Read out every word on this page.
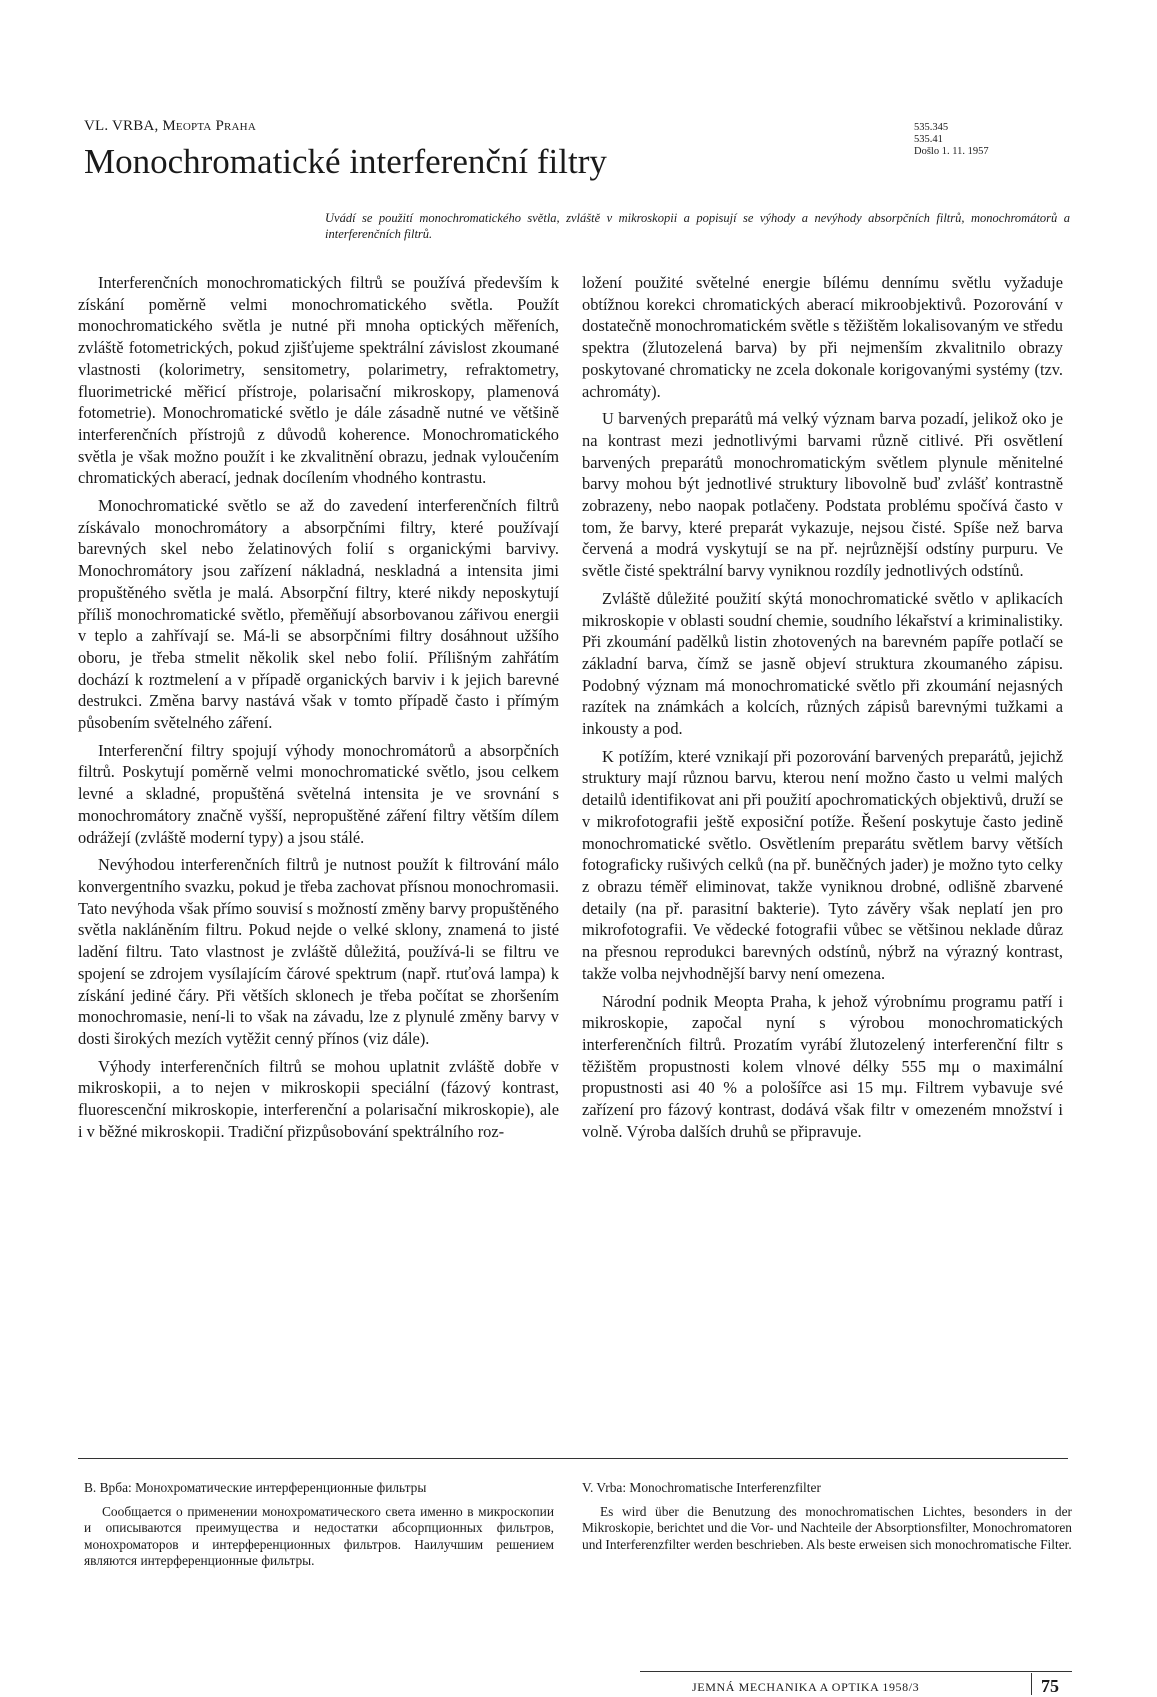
VL. VRBA, Meopta Praha
Monochromatické interferenční filtry
535.345
535.41
Došlo 1. 11. 1957
Uvádí se použití monochromatického světla, zvláště v mikroskopii a popisují se výhody a nevýhody absorpčních filtrů, monochromátorů a interferenčních filtrů.

Interferenčních monochromatických filtrů se používá především k získání poměrně velmi monochromatického světla. Použít monochromatického světla je nutné při mnoha optických měřeních, zvláště fotometrických, pokud zjišťujeme spektrální závislost zkoumané vlastnosti (kolorimetry, sensitometry, polarimetry, refraktometry, fluorimetrické měřicí přístroje, polarisační mikroskopy, plamenová fotometrie). Monochromatické světlo je dále zásadně nutné ve většině interferenčních přístrojů z důvodů koherence. Monochromatického světla je však možno použít i ke zkvalitnění obrazu, jednak vyloučením chromatických aberací, jednak docílením vhodného kontrastu.

Monochromatické světlo se až do zavedení interferenčních filtrů získávalo monochromátory a absorpčními filtry, které používají barevných skel nebo želatinových folií s organickými barvivy. Monochromátory jsou zařízení nákladná, neskladná a intensita jimi propuštěného světla je malá. Absorpční filtry, které nikdy neposkytují příliš monochromatické světlo, přeměňují absorbovanou zářivou energii v teplo a zahřívají se. Má-li se absorpčními filtry dosáhnout užšího oboru, je třeba stmelit několik skel nebo folií. Přílišným zahřátím dochází k roztmelení a v případě organických barviv i k jejich barevné destrukci. Změna barvy nastává však v tomto případě často i přímým působením světelného záření.

Interferenční filtry spojují výhody monochromátorů a absorpčních filtrů. Poskytují poměrně velmi monochromatické světlo, jsou celkem levné a skladné, propuštěná světelná intensita je ve srovnání s monochromátory značně vyšší, nepropuštěné záření filtry větším dílem odrážejí (zvláště moderní typy) a jsou stálé.

Nevýhodou interferenčních filtrů je nutnost použít k filtrování málo konvergentního svazku, pokud je třeba zachovat přísnou monochromasii. Tato nevýhoda však přímo souvisí s možností změny barvy propuštěného světla nakláněním filtru. Pokud nejde o velké sklony, znamená to jisté ladění filtru. Tato vlastnost je zvláště důležitá, používá-li se filtru ve spojení se zdrojem vysílajícím čárové spektrum (např. rtuťová lampa) k získání jediné čáry. Při větších sklonech je třeba počítat se zhoršením monochromasie, není-li to však na závadu, lze z plynulé změny barvy v dosti širokých mezích vytěžit cenný přínos (viz dále).

Výhody interferenčních filtrů se mohou uplatnit zvláště dobře v mikroskopii, a to nejen v mikroskopii speciální (fázový kontrast, fluorescenční mikroskopie, interferenční a polarisační mikroskopie), ale i v běžné mikroskopii. Tradiční přizpůsobování spektrálního roz-

ložení použité světelné energie bílému dennímu světlu vyžaduje obtížnou korekci chromatických aberací mikroobjektivů. Pozorování v dostatečně monochromatickém světle s těžištěm lokalisovaným ve středu spektra (žlutozelená barva) by při nejmenším zkvalitnilo obrazy poskytované chromaticky ne zcela dokonale korigovanými systémy (tzv. achromáty).

U barvených preparátů má velký význam barva pozadí, jelikož oko je na kontrast mezi jednotlivými barvami různě citlivé. Při osvětlení barvených preparátů monochromatickým světlem plynule měnitelné barvy mohou být jednotlivé struktury libovolně buď zvlášť kontrastně zobrazeny, nebo naopak potlačeny. Podstata problému spočívá často v tom, že barvy, které preparát vykazuje, nejsou čisté. Spíše než barva červená a modrá vyskytují se na př. nejrůznější odstíny purpuru. Ve světle čisté spektrální barvy vyniknou rozdíly jednotlivých odstínů.

Zvláště důležité použití skýtá monochromatické světlo v aplikacích mikroskopie v oblasti soudní chemie, soudního lékařství a kriminalistiky. Při zkoumání padělků listin zhotovených na barevném papíře potlačí se základní barva, čímž se jasně objeví struktura zkoumaného zápisu. Podobný význam má monochromatické světlo při zkoumání nejasných razítek na známkách a kolcích, různých zápisů barevnými tužkami a inkousty a pod.

K potížím, které vznikají při pozorování barvených preparátů, jejichž struktury mají různou barvu, kterou není možno často u velmi malých detailů identifikovat ani při použití apochromatických objektivů, druží se v mikrofotografii ještě exposiční potíže. Řešení poskytuje často jedině monochromatické světlo. Osvětlením preparátu světlem barvy větších fotograficky rušivých celků (na př. buněčných jader) je možno tyto celky z obrazu téměř eliminovat, takže vyniknou drobné, odlišně zbarvené detaily (na př. parasitní bakterie). Tyto závěry však neplatí jen pro mikrofotografii. Ve vědecké fotografii vůbec se většinou neklade důraz na přesnou reprodukci barevných odstínů, nýbrž na výrazný kontrast, takže volba nejvhodnější barvy není omezena.

Národní podnik Meopta Praha, k jehož výrobnímu programu patří i mikroskopie, započal nyní s výrobou monochromatických interferenčních filtrů. Prozatím vyrábí žlutozelený interferenční filtr s těžištěm propustnosti kolem vlnové délky 555 mμ o maximální propustnosti asi 40 % a pološířce asi 15 mμ. Filtrem vybavuje své zařízení pro fázový kontrast, dodává však filtr v omezeném množství i volně. Výroba dalších druhů se připravuje.

В. Врба: Монохроматические интерференционные фильтры

Сообщается о применении монохроматического света именно в микроскопии и описываются преимущества и недостатки абсорпционных фильтров, монохроматоров и интерференционных фильтров. Наилучшим решением являются интерференционные фильтры.

V. Vrba: Monochromatische Interferenzfilter

Es wird über die Benutzung des monochromatischen Lichtes, besonders in der Mikroskopie, berichtet und die Vor- und Nachteile der Absorptionsfilter, Monochromatoren und Interferenzfilter werden beschrieben. Als beste erweisen sich monochromatische Filter.

JEMNÁ MECHANIKA A OPTIKA 1958/3	75
